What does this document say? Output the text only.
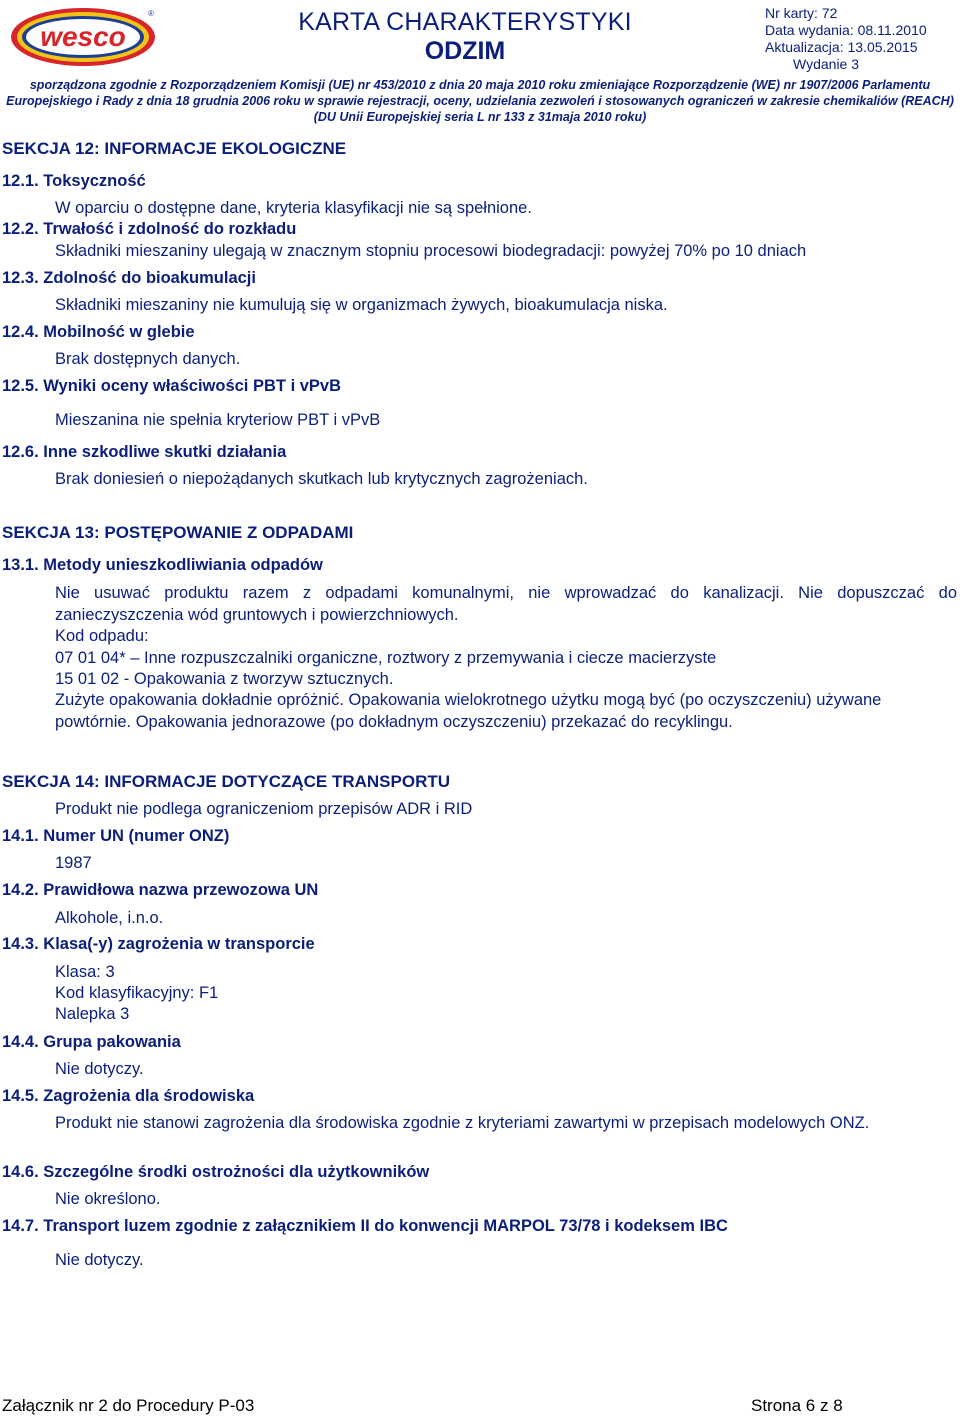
wesco
®	KARTA CHARAKTERYSTYKI
ODZIM
Nr karty: 72
Data wydania: 08.11.2010
Aktualizacja: 13.05.2015
Wydanie 3
sporządzona zgodnie z Rozporządzeniem Komisji (UE) nr 453/2010 z dnia 20 maja 2010 roku zmieniające Rozporządzenie (WE) nr 1907/2006 Parlamentu
Europejskiego i Rady z dnia 18 grudnia 2006 roku w sprawie rejestracji, oceny, udzielania zezwoleń i stosowanych ograniczeń w zakresie chemikaliów (REACH)
(DU Unii Europejskiej seria L nr 133 z 31maja 2010 roku)
SEKCJA 12: INFORMACJE EKOLOGICZNE
12.1. Toksyczność
W oparciu o dostępne dane, kryteria klasyfikacji nie są spełnione.
12.2. Trwałość i zdolność do rozkładu
Składniki mieszaniny ulegają w znacznym stopniu procesowi biodegradacji: powyżej 70% po 10 dniach
12.3. Zdolność do bioakumulacji
Składniki mieszaniny nie kumulują się w organizmach żywych, bioakumulacja niska.
12.4. Mobilność w glebie
Brak dostępnych danych.
12.5. Wyniki oceny właściwości PBT i vPvB
Mieszanina nie spełnia kryteriow PBT i vPvB
12.6. Inne szkodliwe skutki działania
Brak doniesień o niepożądanych skutkach lub krytycznych zagrożeniach.
SEKCJA 13: POSTĘPOWANIE Z ODPADAMI
13.1. Metody unieszkodliwiania odpadów
Nie usuwać produktu razem z odpadami komunalnymi, nie wprowadzać do kanalizacji. Nie dopuszczać do zanieczyszczenia wód gruntowych i powierzchniowych.
Kod odpadu:
07 01 04* – Inne rozpuszczalniki organiczne, roztwory z przemywania i ciecze macierzyste
15 01 02 - Opakowania z tworzyw sztucznych.
Zużyte opakowania dokładnie opróżnić. Opakowania wielokrotnego użytku mogą być (po oczyszczeniu) używane powtórnie. Opakowania jednorazowe (po dokładnym oczyszczeniu) przekazać do recyklingu.
SEKCJA 14: INFORMACJE DOTYCZĄCE TRANSPORTU
Produkt nie podlega ograniczeniom przepisów ADR i RID
14.1. Numer UN (numer ONZ)
1987
14.2. Prawidłowa nazwa przewozowa UN
Alkohole, i.n.o.
14.3. Klasa(-y) zagrożenia w transporcie
Klasa: 3
Kod klasyfikacyjny: F1
Nalepka 3
14.4. Grupa pakowania
Nie dotyczy.
14.5. Zagrożenia dla środowiska
Produkt nie stanowi zagrożenia dla środowiska zgodnie z kryteriami zawartymi w przepisach modelowych ONZ.
14.6. Szczególne środki ostrożności dla użytkowników
Nie określono.
14.7. Transport luzem zgodnie z załącznikiem II do konwencji MARPOL 73/78 i kodeksem IBC
Nie dotyczy.
Załącznik nr 2 do Procedury P-03	Strona 6 z 8
